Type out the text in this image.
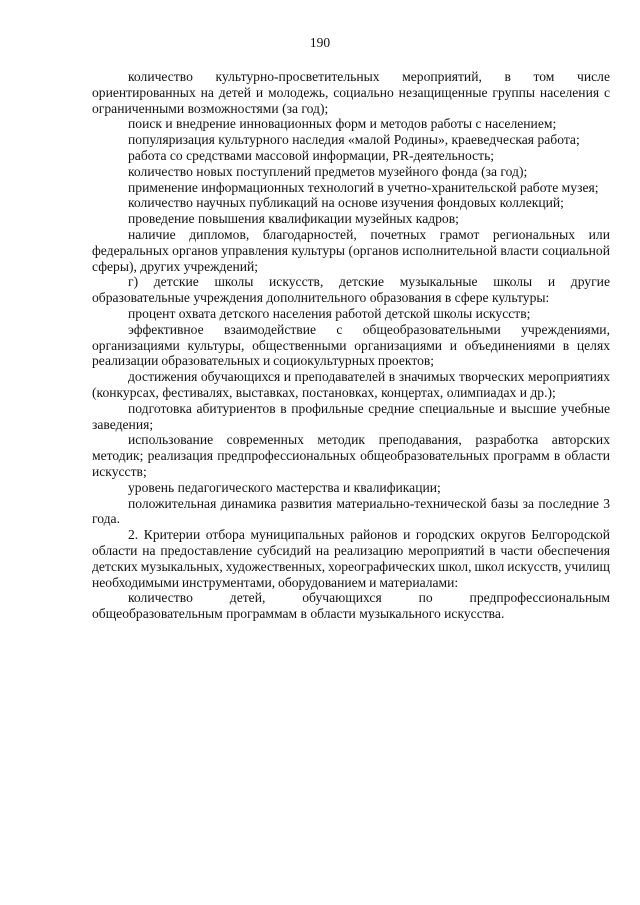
190

количество культурно-просветительных мероприятий, в том числе ориентированных на детей и молодежь, социально незащищенные группы населения с ограниченными возможностями (за год);

поиск и внедрение инновационных форм и методов работы с населением;

популяризация культурного наследия «малой Родины», краеведческая работа;

работа со средствами массовой информации, PR-деятельность;

количество новых поступлений предметов музейного фонда (за год);

применение информационных технологий в учетно-хранительской работе музея;

количество научных публикаций на основе изучения фондовых коллекций;

проведение повышения квалификации музейных кадров;

наличие дипломов, благодарностей, почетных грамот региональных или федеральных органов управления культуры (органов исполнительной власти социальной сферы), других учреждений;

г) детские школы искусств, детские музыкальные школы и другие образовательные учреждения дополнительного образования в сфере культуры:

процент охвата детского населения работой детской школы искусств;

эффективное взаимодействие с общеобразовательными учреждениями, организациями культуры, общественными организациями и объединениями в целях реализации образовательных и социокультурных проектов;

достижения обучающихся и преподавателей в значимых творческих мероприятиях (конкурсах, фестивалях, выставках, постановках, концертах, олимпиадах и др.);

подготовка абитуриентов в профильные средние специальные и высшие учебные заведения;

использование современных методик преподавания, разработка авторских методик; реализация предпрофессиональных общеобразовательных программ в области искусств;

уровень педагогического мастерства и квалификации;

положительная динамика развития материально-технической базы за последние 3 года.

2. Критерии отбора муниципальных районов и городских округов Белгородской области на предоставление субсидий на реализацию мероприятий в части обеспечения детских музыкальных, художественных, хореографических школ, школ искусств, училищ необходимыми инструментами, оборудованием и материалами:

количество детей, обучающихся по предпрофессиональным общеобразовательным программам в области музыкального искусства.
